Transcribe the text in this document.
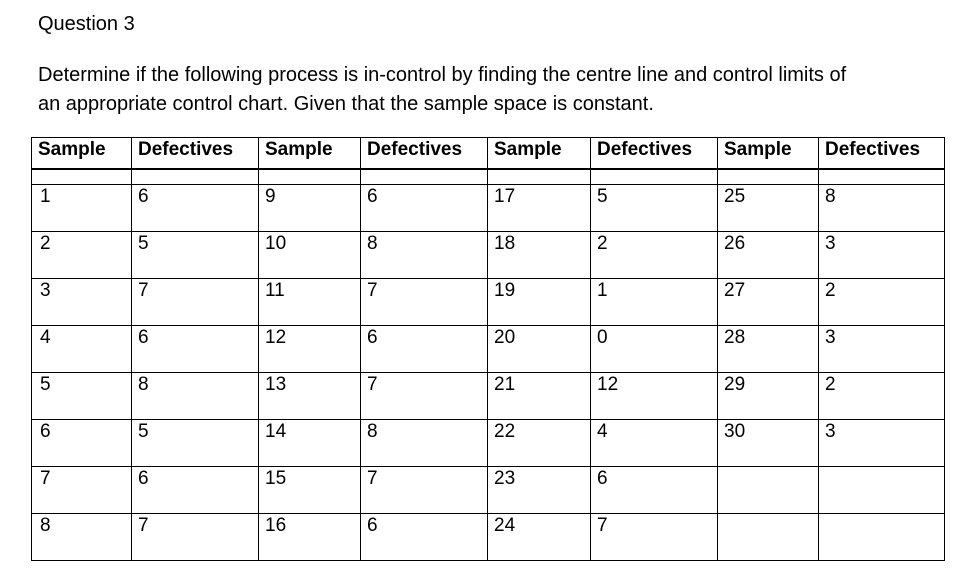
Question 3
Determine if the following process is in-control by finding the centre line and control limits of
an appropriate control chart. Given that the sample space is constant.
Sample	Defectives	Sample	Defectives	Sample	Defectives	Sample	Defectives

1	6	9	6	17	5	25	8
2	5	10	8	18	2	26	3
3	7	11	7	19	1	27	2
4	6	12	6	20	0	28	3
5	8	13	7	21	12	29	2
6	5	14	8	22	4	30	3
7	6	15	7	23	6		
8	7	16	6	24	7		
